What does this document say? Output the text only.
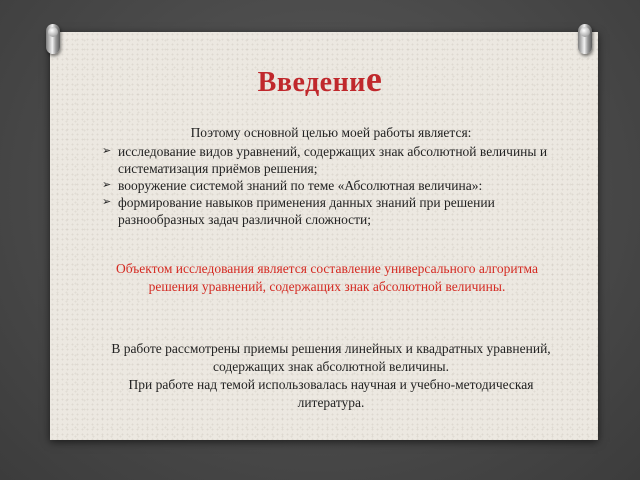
Введение

Поэтому основной целью моей работы является:

➢ исследование видов уравнений, содержащих знак абсолютной величины и систематизация приёмов решения;
➢ вооружение системой знаний по теме «Абсолютная величина»:
➢ формирование навыков применения данных знаний при решении разнообразных задач различной сложности;
Объектом исследования является составление универсального алгоритма решения уравнений, содержащих знак абсолютной величины.
В работе рассмотрены приемы решения линейных и квадратных уравнений, содержащих знак абсолютной величины.
При работе над темой использовалась научная и учебно-методическая литература.
